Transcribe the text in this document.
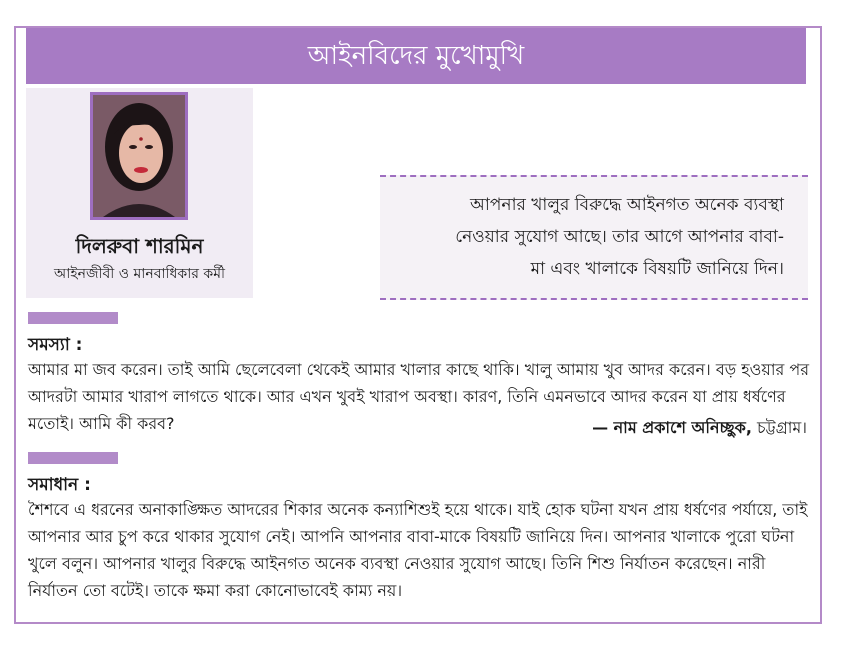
আইনবিদের মুখোমুখি
দিলরুবা শারমিন
আইনজীবী ও মানবাধিকার কর্মী

আপনার খালুর বিরুদ্ধে আইনগত অনেক ব্যবস্থা

নেওয়ার সুযোগ আছে। তার আগে আপনার বাবা-

মা এবং খালাকে বিষয়টি জানিয়ে দিন।

সমস্যা :

আমার মা জব করেন। তাই আমি ছেলেবেলা থেকেই আমার খালার কাছে থাকি। খালু আমায় খুব আদর করেন। বড় হওয়ার পর আদরটা আমার খারাপ লাগতে থাকে। আর এখন খুবই খারাপ অবস্থা। কারণ, তিনি এমনভাবে আদর করেন যা প্রায় ধর্ষণের মতোই। আমি কী করব?	— নাম প্রকাশে অনিচ্ছুক, চট্টগ্রাম।
সমাধান :

শৈশবে এ ধরনের অনাকাঙ্ক্ষিত আদরের শিকার অনেক কন্যাশিশুই হয়ে থাকে। যাই হোক ঘটনা যখন প্রায় ধর্ষণের পর্যায়ে, তাই আপনার আর চুপ করে থাকার সুযোগ নেই। আপনি আপনার বাবা-মাকে বিষয়টি জানিয়ে দিন। আপনার খালাকে পুরো ঘটনা খুলে বলুন। আপনার খালুর বিরুদ্ধে আইনগত অনেক ব্যবস্থা নেওয়ার সুযোগ আছে। তিনি শিশু নির্যাতন করেছেন। নারী নির্যাতন তো বটেই। তাকে ক্ষমা করা কোনোভাবেই কাম্য নয়।
